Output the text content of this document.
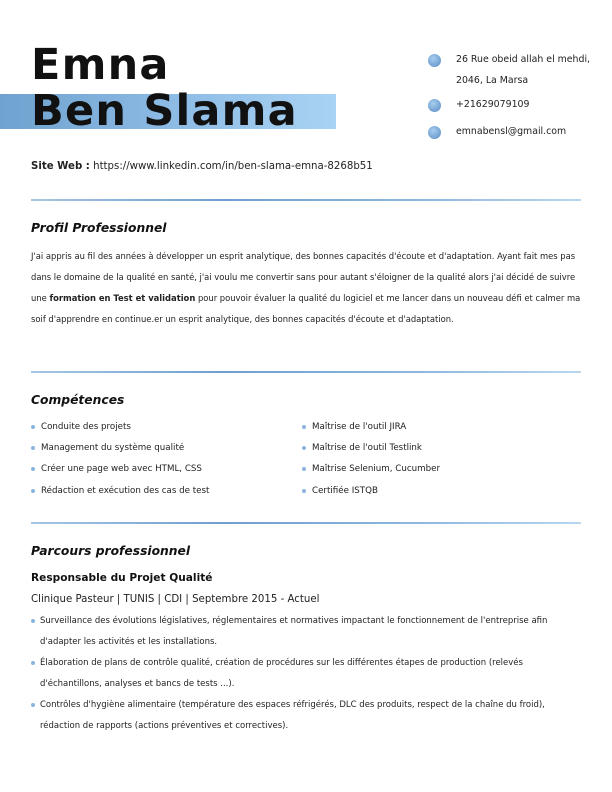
Emna
Ben Slama
26 Rue obeid allah el mehdi, 2046, La Marsa
+21629079109
emnabensl@gmail.com
Site Web : https://www.linkedin.com/in/ben-slama-emna-8268b51
Profil Professionnel

J'ai appris au fil des années à développer un esprit analytique, des bonnes capacités d'écoute et d'adaptation. Ayant fait mes pas dans le domaine de la qualité en santé, j'ai voulu me convertir sans pour autant s'éloigner de la qualité alors j'ai décidé de suivre une formation en Test et validation pour pouvoir évaluer la qualité du logiciel et me lancer dans un nouveau défi et calmer ma soif d'apprendre en continue.er un esprit analytique, des bonnes capacités d'écoute et d'adaptation.

Compétences
Conduite des projets
Management du système qualité
Créer une page web avec HTML, CSS
Rédaction et exécution des cas de test
Maîtrise de l'outil JIRA
Maîtrise de l'outil Testlink
Maîtrise Selenium, Cucumber
Certifiée ISTQB
Parcours professionnel
Responsable du Projet Qualité
Clinique Pasteur | TUNIS | CDI | Septembre 2015 - Actuel
Surveillance des évolutions législatives, réglementaires et normatives impactant le fonctionnement de l'entreprise afin d'adapter les activités et les installations.
Élaboration de plans de contrôle qualité, création de procédures sur les différentes étapes de production (relevés d'échantillons, analyses et bancs de tests ...).
Contrôles d'hygiène alimentaire (température des espaces réfrigérés, DLC des produits, respect de la chaîne du froid), rédaction de rapports (actions préventives et correctives).
